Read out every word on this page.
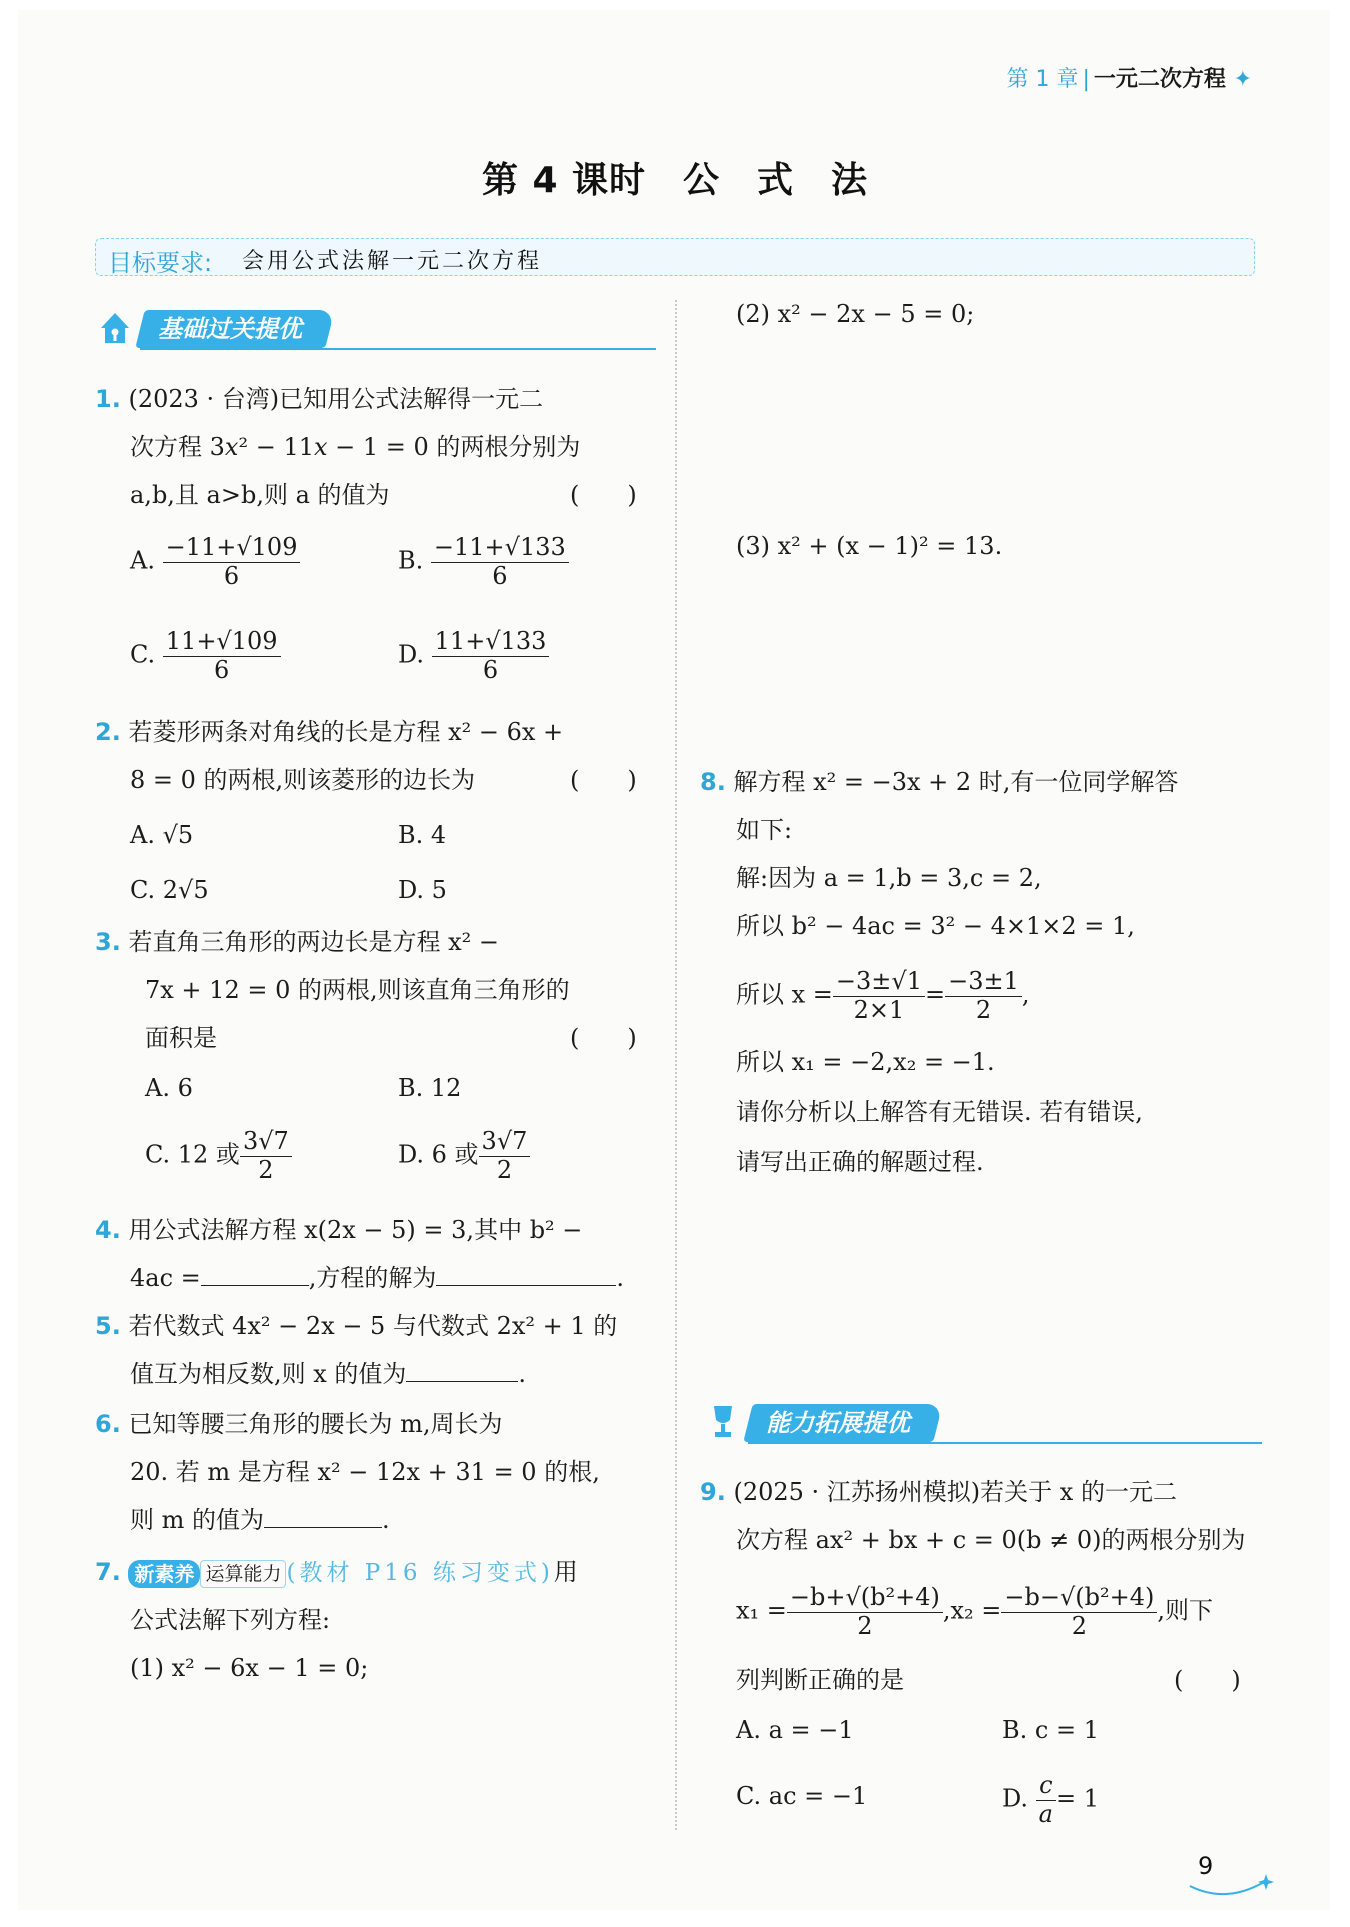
第 1 章 | 一元二次方程 ✦
第 4 课时　公　式　法
目标要求: 会用公式法解一元二次方程
基础过关提优
1. (2023 · 台湾)已知用公式法解得一元二
次方程 3x² − 11x − 1 = 0 的两根分别为
a,b,且 a>b,则 a 的值为	(　　)
A. $\frac{-11+√109}{6}$	B. $\frac{-11+√133}{6}$
C. $\frac{11+√109}{6}$	D. $\frac{11+√133}{6}$
2. 若菱形两条对角线的长是方程 x² − 6x +
8 = 0 的两根,则该菱形的边长为	(　　)
A. √5	B. 4
C. 2√5	D. 5
3. 若直角三角形的两边长是方程 x² −
7x + 12 = 0 的两根,则该直角三角形的
面积是	(　　)
A. 6	B. 12
C. 12 或 $\frac{3√7}{2}$	D. 6 或 $\frac{3√7}{2}$
4. 用公式法解方程 x(2x − 5) = 3,其中 b² −
4ac =	,方程的解为	.
5. 若代数式 4x² − 2x − 5 与代数式 2x² + 1 的
值互为相反数,则 x 的值为	.
6. 已知等腰三角形的腰长为 m,周长为
20. 若 m 是方程 x² − 12x + 31 = 0 的根,
则 m 的值为	.
7. 新素养 运算能力 (教材 P16 练习变式)用
公式法解下列方程:
(1) x² − 6x − 1 = 0;
(2) x² − 2x − 5 = 0;
(3) x² + (x − 1)² = 13.
8. 解方程 x² = −3x + 2 时,有一位同学解答
如下:
解:因为 a = 1,b = 3,c = 2,
所以 b² − 4ac = 3² − 4×1×2 = 1,
所以 $x = \frac{-3\pm√1}{2\times 1} = \frac{-3\pm 1}{2}$ ,
所以 x₁ = −2,x₂ = −1.
请你分析以上解答有无错误. 若有错误,
请写出正确的解题过程.
能力拓展提优
9. (2025 · 江苏扬州模拟)若关于 x 的一元二
次方程 ax² + bx + c = 0(b ≠ 0)的两根分别为
$x_1 = \frac{\text{−b+√(b²+4)}}{2} ,x_2 = \frac{\text{−b−√(b²+4)}}{2}$ ,则下
列判断正确的是	(　　)
A. a = −1	B. c = 1
C. ac = −1	D. $\frac{c}{a} = 1$
9
